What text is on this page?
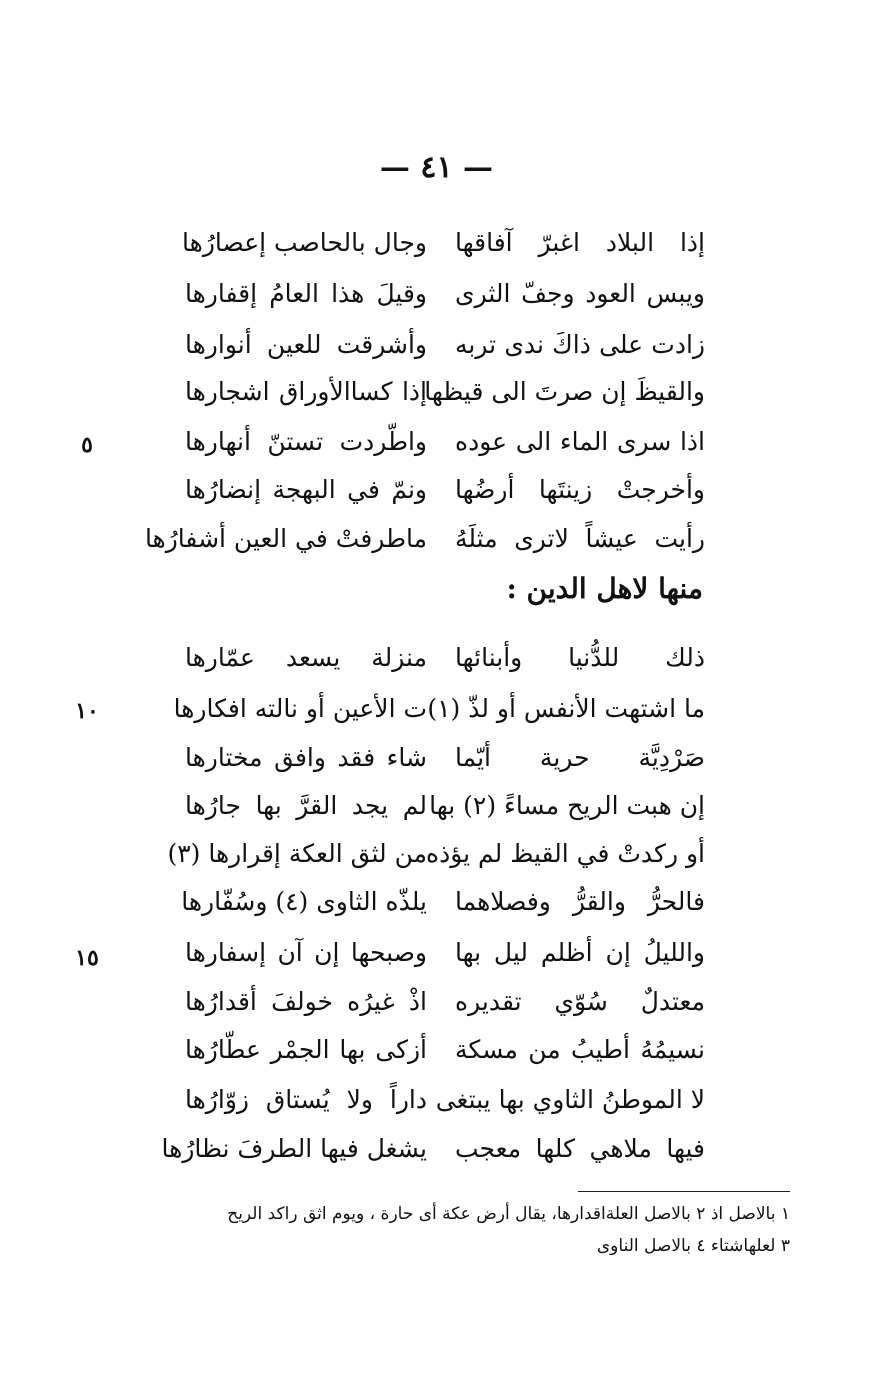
— ٤١ —
إذا البلاد اغبرّ آفاقها
وجال بالحاصب إعصارُها
ويبس العود وجفّ الثرى
وقيلَ هذا العامُ إقفارها
زادت على ذاكَ ندى تربه
وأشرقت للعين أنوارها
والقيظَ إن صرتَ الى قيظها
إذا كساالأوراق اشجارها
اذا سرى الماء الى عوده
واطّردت تستنّ أنهارها
وأخرجتْ زينتَها أرضُها
ونمّ في البهجة إنضارُها
رأيت عيشاً لاترى مثلَهُ
ماطرفتْ في العين أشفارُها
منها لاهل الدين :
ذلك للدُّنيا وأبنائها
منزلة يسعد عمّارها
ما اشتهت الأنفس أو لذّ (١)
ت الأعين أو نالته افكارها
صَرْدِيَّة حرية أيّما
شاء فقد وافق مختارها
إن هبت الريح مساءً (٢) بها
لم يجد القرَّ بها جارُها
أو ركدتْ في القيظ لم يؤذه
من لثق العكة إقرارها (٣)
فالحرُّ والقرُّ وفصلاهما
يلذّه الثاوى (٤) وسُفّارها
والليلُ إن أظلم ليل بها
وصبحها إن آن إسفارها
معتدلٌ سُوّي تقديره
اذْ غيرُه خولفَ أقدارُها
نسيمُهُ أطيبُ من مسكة
أزكى بها الجمْر عطّارُها
لا الموطنُ الثاوي بها يبتغى
داراً ولا يُستاق زوّارُها
فيها ملاهي كلها معجب
يشغل فيها الطرفَ نظارُها
٥
١٠
١٥
١ بالاصل اذ ٢ بالاصل العلةاقدارها، يقال أرض عكة أى حارة ، ويوم اثق راكد الريح
٣ لعلهاشتاء ٤ بالاصل الناوى
